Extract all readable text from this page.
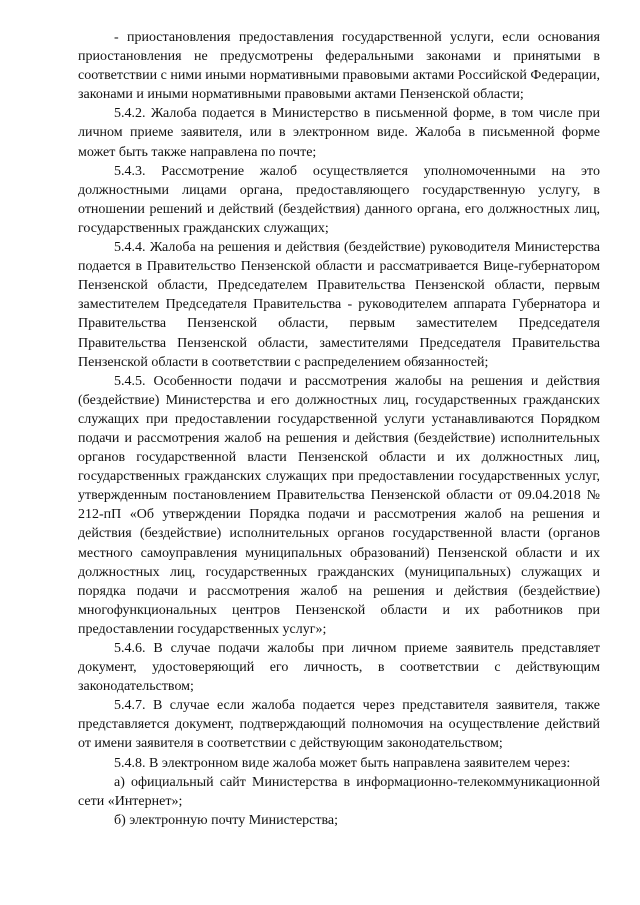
- приостановления предоставления государственной услуги, если основания приостановления не предусмотрены федеральными законами и принятыми в соответствии с ними иными нормативными правовыми актами Российской Федерации, законами и иными нормативными правовыми актами Пензенской области;

5.4.2. Жалоба подается в Министерство в письменной форме, в том числе при личном приеме заявителя, или в электронном виде. Жалоба в письменной форме может быть также направлена по почте;

5.4.3. Рассмотрение жалоб осуществляется уполномоченными на это должностными лицами органа, предоставляющего государственную услугу, в отношении решений и действий (бездействия) данного органа, его должностных лиц, государственных гражданских служащих;

5.4.4. Жалоба на решения и действия (бездействие) руководителя Министерства подается в Правительство Пензенской области и рассматривается Вице-губернатором Пензенской области, Председателем Правительства Пензенской области, первым заместителем Председателя Правительства - руководителем аппарата Губернатора и Правительства Пензенской области, первым заместителем Председателя Правительства Пензенской области, заместителями Председателя Правительства Пензенской области в соответствии с распределением обязанностей;

5.4.5. Особенности подачи и рассмотрения жалобы на решения и действия (бездействие) Министерства и его должностных лиц, государственных гражданских служащих при предоставлении государственной услуги устанавливаются Порядком подачи и рассмотрения жалоб на решения и действия (бездействие) исполнительных органов государственной власти Пензенской области и их должностных лиц, государственных гражданских служащих при предоставлении государственных услуг, утвержденным постановлением Правительства Пензенской области от 09.04.2018 № 212-пП «Об утверждении Порядка подачи и рассмотрения жалоб на решения и действия (бездействие) исполнительных органов государственной власти (органов местного самоуправления муниципальных образований) Пензенской области и их должностных лиц, государственных гражданских (муниципальных) служащих и порядка подачи и рассмотрения жалоб на решения и действия (бездействие) многофункциональных центров Пензенской области и их работников при предоставлении государственных услуг»;

5.4.6. В случае подачи жалобы при личном приеме заявитель представляет документ, удостоверяющий его личность, в соответствии с действующим законодательством;

5.4.7. В случае если жалоба подается через представителя заявителя, также представляется документ, подтверждающий полномочия на осуществление действий от имени заявителя в соответствии с действующим законодательством;

5.4.8. В электронном виде жалоба может быть направлена заявителем через:

а) официальный сайт Министерства в информационно-телекоммуникационной сети «Интернет»;

б) электронную почту Министерства;
